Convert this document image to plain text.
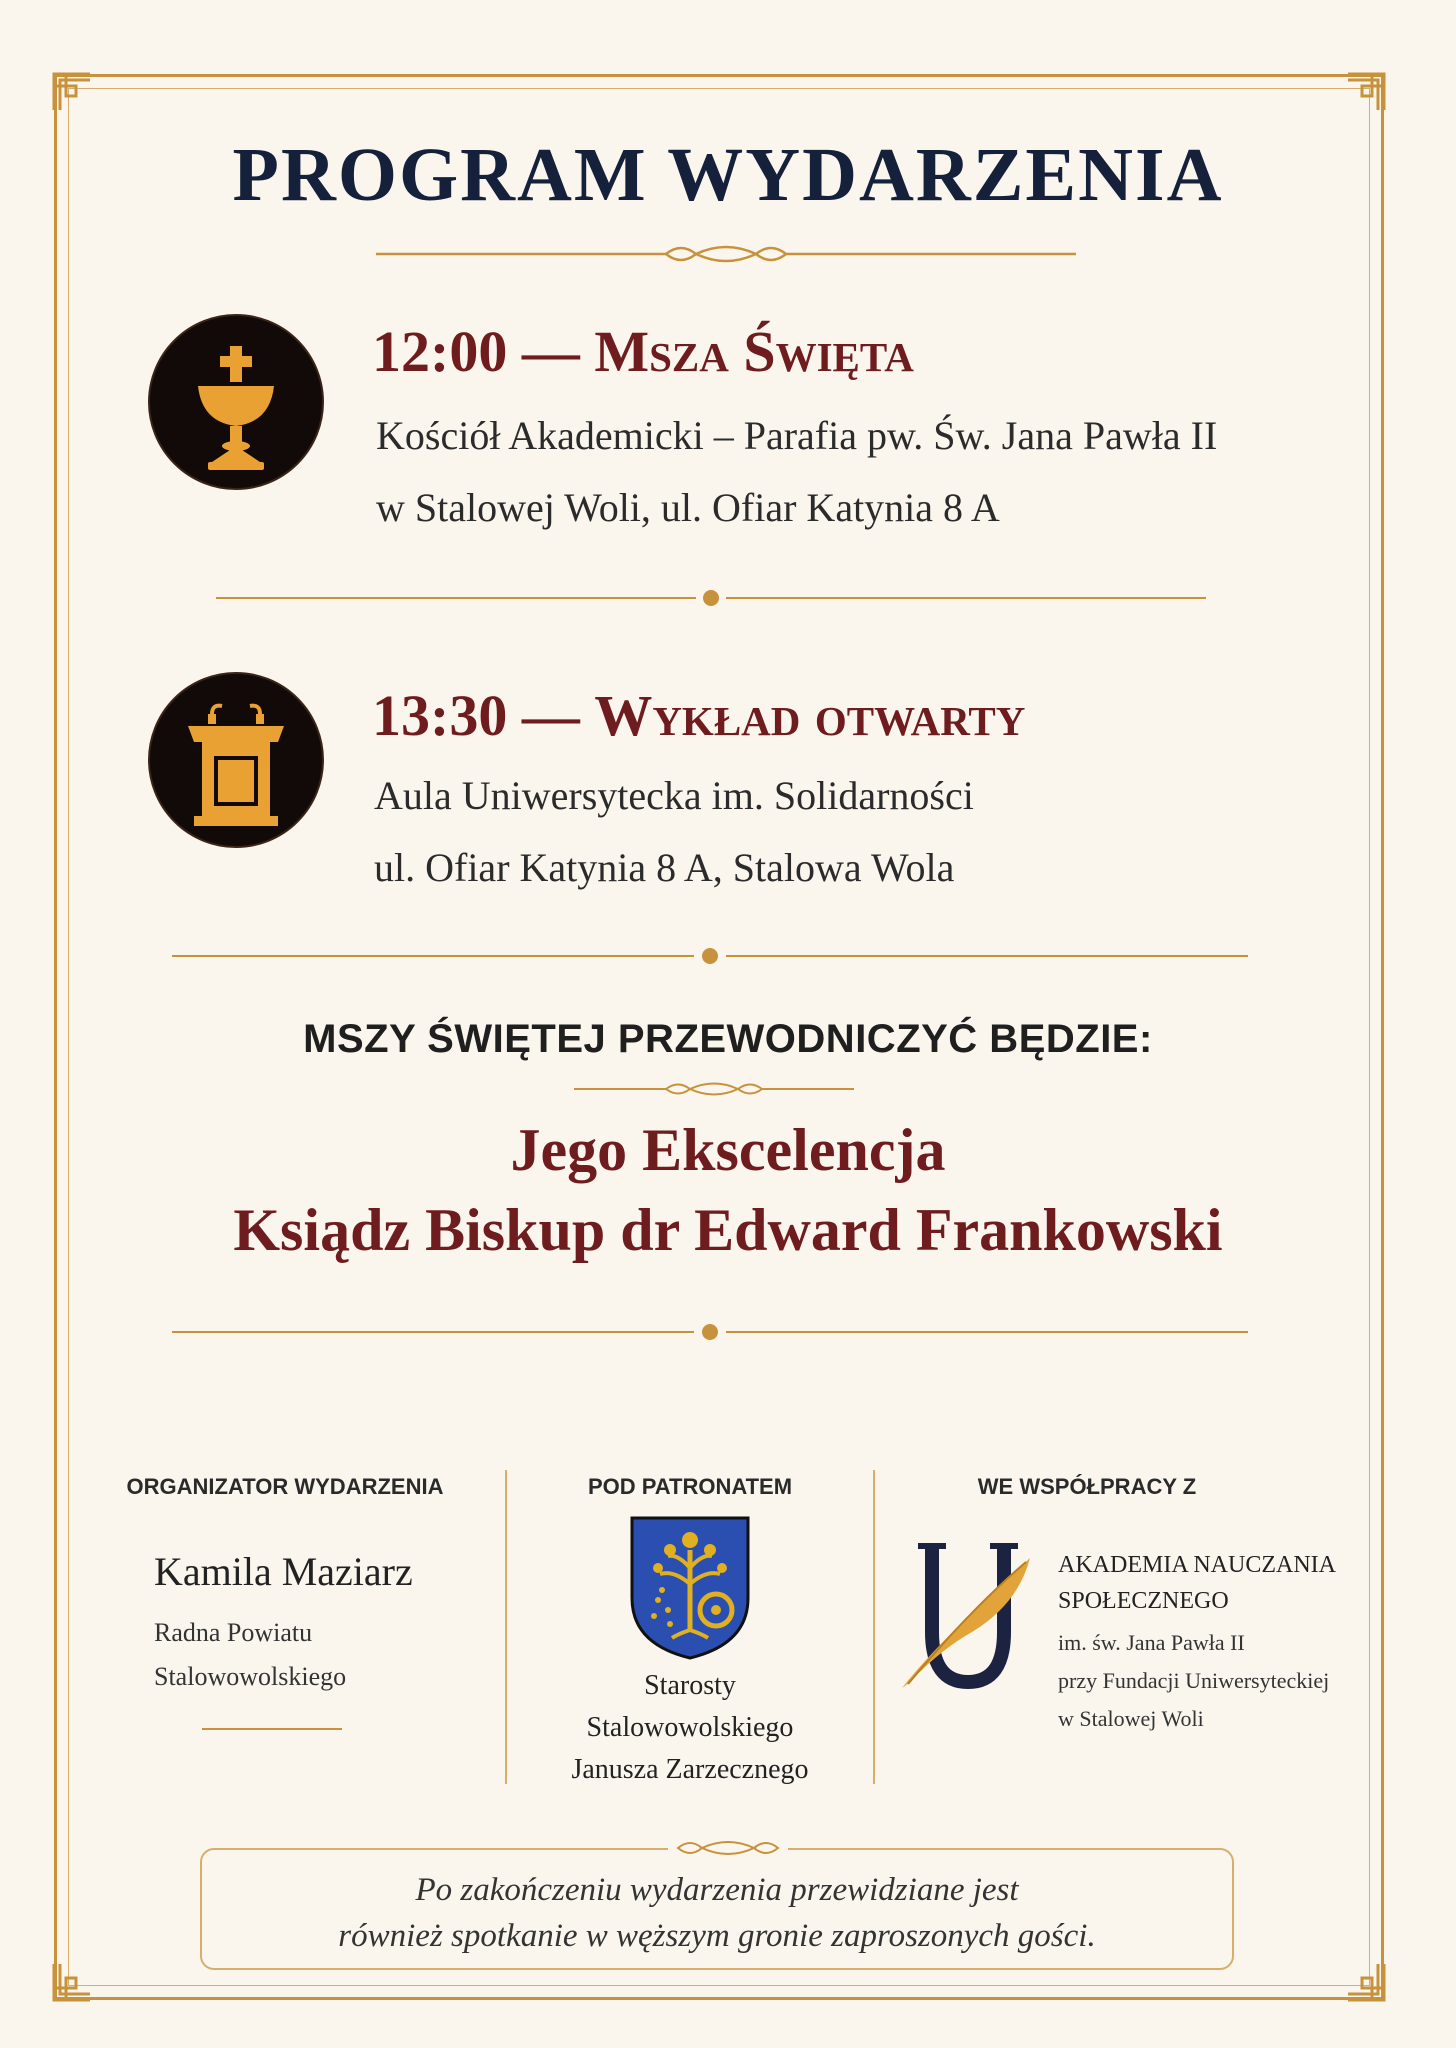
PROGRAM WYDARZENIA
12:00 — Msza Święta
Kościół Akademicki – Parafia pw. Św. Jana Pawła II
w Stalowej Woli, ul. Ofiar Katynia 8 A
13:30 — Wykład otwarty
Aula Uniwersytecka im. Solidarności
ul. Ofiar Katynia 8 A, Stalowa Wola
MSZY ŚWIĘTEJ PRZEWODNICZYĆ BĘDZIE:
Jego Ekscelencja
Ksiądz Biskup dr Edward Frankowski
ORGANIZATOR WYDARZENIA
Kamila Maziarz
Radna Powiatu
Stalowowolskiego
POD PATRONATEM
Starosty
Stalowowolskiego
Janusza Zarzecznego
WE WSPÓŁPRACY Z
AKADEMIA NAUCZANIA
SPOŁECZNEGO
im. św. Jana Pawła II
przy Fundacji Uniwersyteckiej
w Stalowej Woli
Po zakończeniu wydarzenia przewidziane jest
również spotkanie w węższym gronie zaproszonych gości.
